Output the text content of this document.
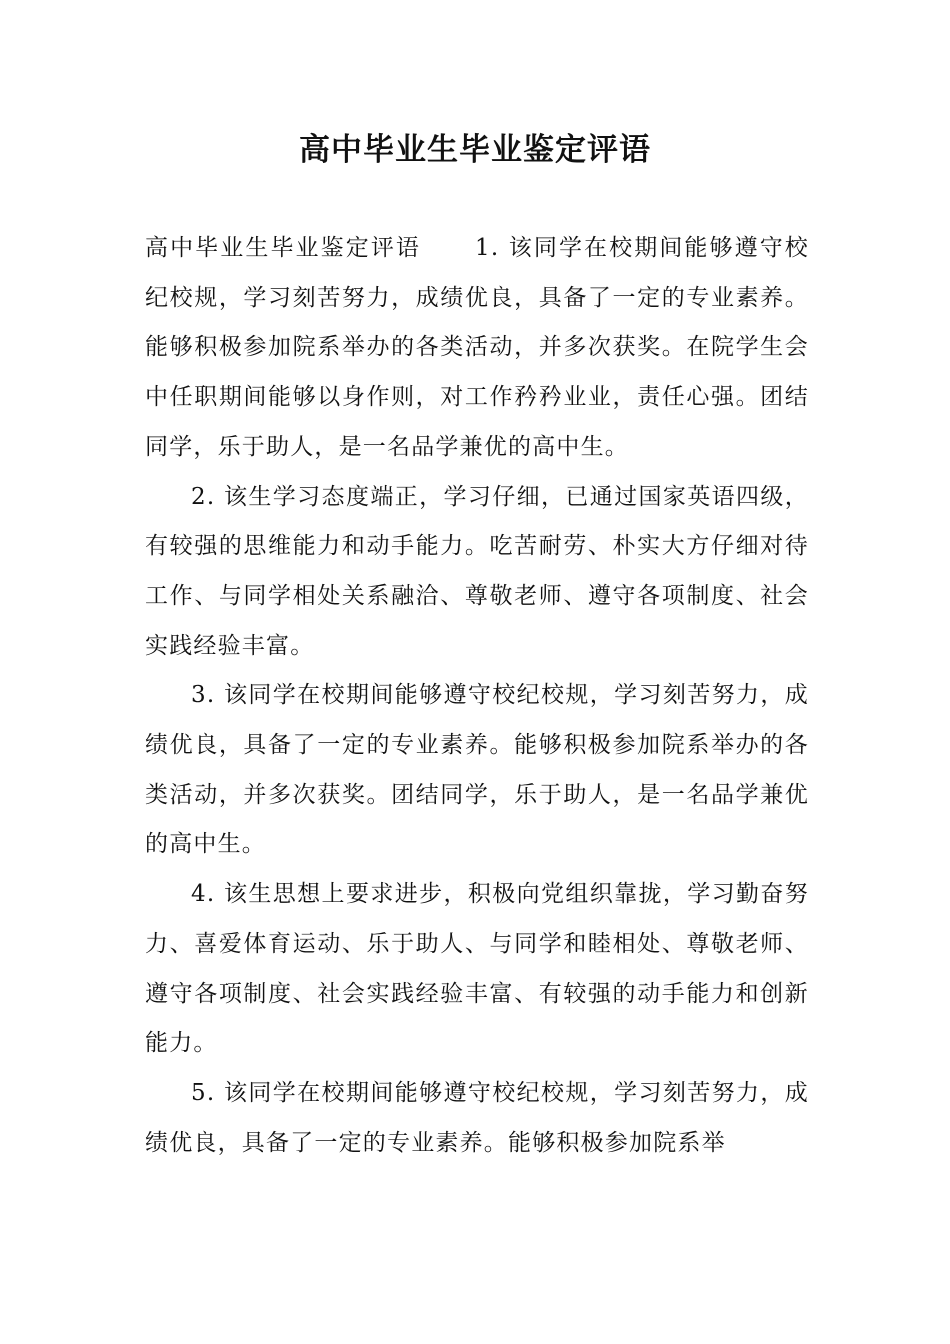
高中毕业生毕业鉴定评语

高中毕业生毕业鉴定评语 1. 该同学在校期间能够遵守校纪校规，学习刻苦努力，成绩优良，具备了一定的专业素养。能够积极参加院系举办的各类活动，并多次获奖。在院学生会中任职期间能够以身作则，对工作矜矜业业，责任心强。团结同学，乐于助人，是一名品学兼优的高中生。

2. 该生学习态度端正，学习仔细，已通过国家英语四级，有较强的思维能力和动手能力。吃苦耐劳、朴实大方仔细对待工作、与同学相处关系融洽、尊敬老师、遵守各项制度、社会实践经验丰富。

3. 该同学在校期间能够遵守校纪校规，学习刻苦努力，成绩优良，具备了一定的专业素养。能够积极参加院系举办的各类活动，并多次获奖。团结同学，乐于助人，是一名品学兼优的高中生。

4. 该生思想上要求进步，积极向党组织靠拢，学习勤奋努力、喜爱体育运动、乐于助人、与同学和睦相处、尊敬老师、遵守各项制度、社会实践经验丰富、有较强的动手能力和创新能力。

5. 该同学在校期间能够遵守校纪校规，学习刻苦努力，成绩优良，具备了一定的专业素养。能够积极参加院系举
